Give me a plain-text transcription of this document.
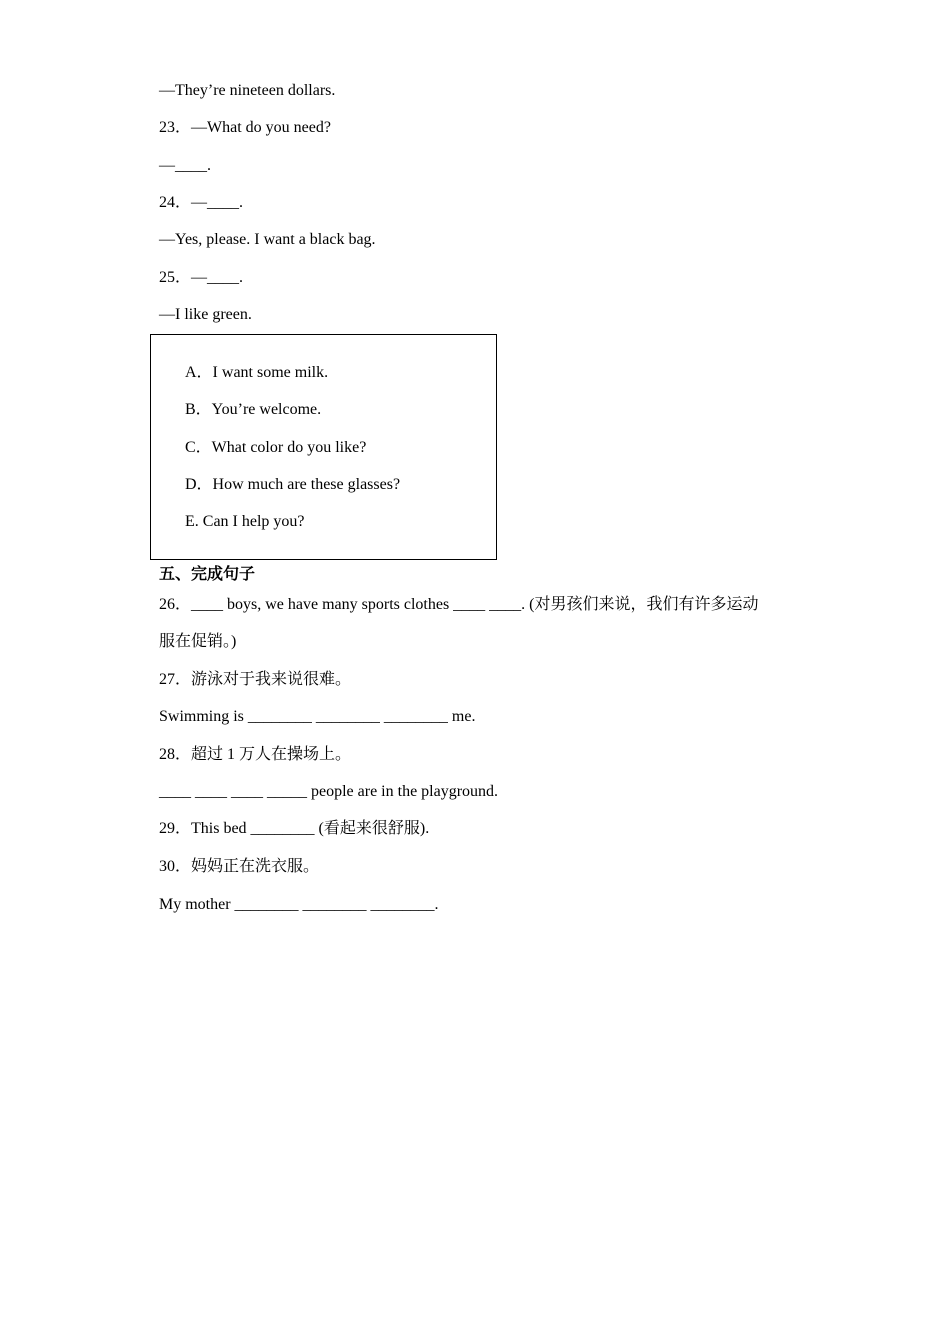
—They’re nineteen dollars.
23．—What do you need?
—____.
24．—____.
—Yes, please. I want a black bag.
25．—____.
—I like green.
A．I want some milk.
B．You’re welcome.
C．What color do you like?
D．How much are these glasses?
E. Can I help you?
五、完成句子
26．____ boys, we have many sports clothes ____ ____. (对男孩们来说，我们有许多运动
服在促销。)
27．游泳对于我来说很难。
Swimming is ________ ________ ________ me.
28．超过 1 万人在操场上。
____ ____ ____ _____ people are in the playground.
29．This bed ________ (看起来很舒服).
30．妈妈正在洗衣服。
My mother ________ ________ ________.
